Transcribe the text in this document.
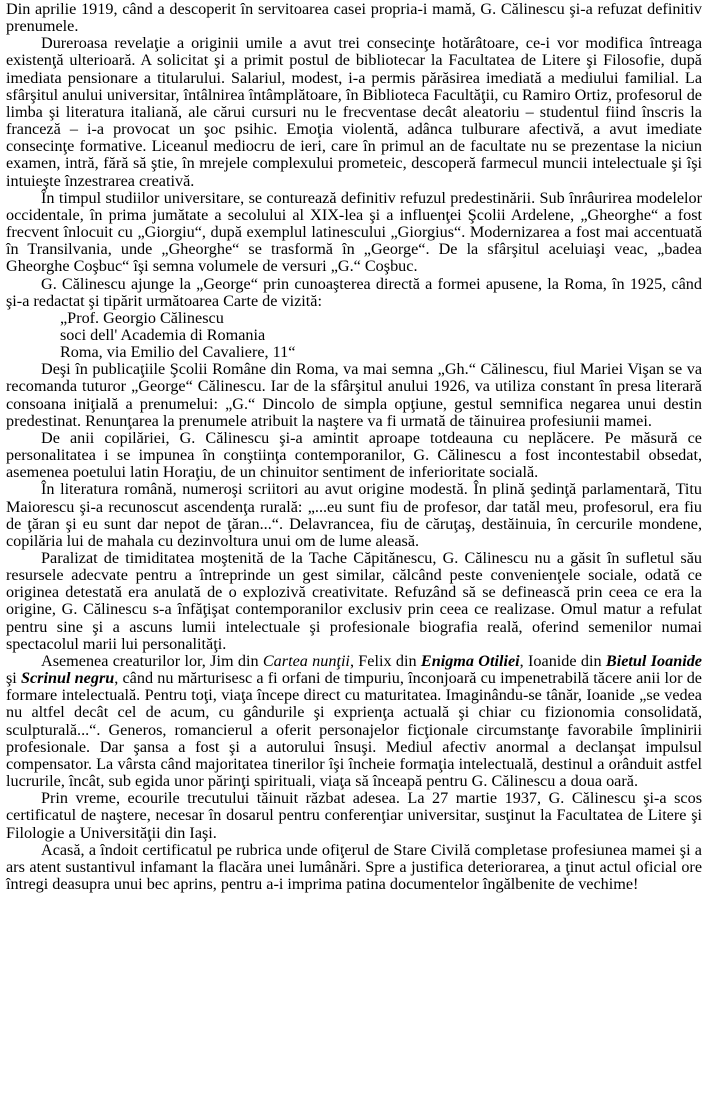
Din aprilie 1919, când a descoperit în servitoarea casei propria-i mamă, G. Călinescu şi-a refuzat definitiv prenumele.

Dureroasa revelaţie a originii umile a avut trei consecinţe hotărâtoare, ce-i vor modifica întreaga existenţă ulterioară. A solicitat şi a primit postul de bibliotecar la Facultatea de Litere şi Filosofie, după imediata pensionare a titularului. Salariul, modest, i-a permis părăsirea imediată a mediului familial. La sfârşitul anului universitar, întâlnirea întâmplătoare, în Biblioteca Facultăţii, cu Ramiro Ortiz, profesorul de limba şi literatura italiană, ale cărui cursuri nu le frecventase decât aleatoriu – studentul fiind înscris la franceză – i-a provocat un şoc psihic. Emoţia violentă, adânca tulburare afectivă, a avut imediate consecinţe formative. Liceanul mediocru de ieri, care în primul an de facultate nu se prezentase la niciun examen, intră, fără să ştie, în mrejele complexului prometeic, descoperă farmecul muncii intelectuale şi îşi intuieşte înzestrarea creativă.

În timpul studiilor universitare, se conturează definitiv refuzul predestinării. Sub înrâurirea modelelor occidentale, în prima jumătate a secolului al XIX-lea şi a influenţei Şcolii Ardelene, „Gheorghe“ a fost frecvent înlocuit cu „Giorgiu“, după exemplul latinescului „Giorgius“. Modernizarea a fost mai accentuată în Transilvania, unde „Gheorghe“ se trasformă în „George“. De la sfârşitul aceluiaşi veac, „badea Gheorghe Coşbuc“ îşi semna volumele de versuri „G.“ Coşbuc.

G. Călinescu ajunge la „George“ prin cunoaşterea directă a formei apusene, la Roma, în 1925, când şi-a redactat şi tipărit următoarea Carte de vizită:

„Prof. Georgio Călinescu
soci dell' Academia di Romania
Roma, via Emilio del Cavaliere, 11“

Deşi în publicaţiile Şcolii Române din Roma, va mai semna „Gh.“ Călinescu, fiul Mariei Vişan se va recomanda tuturor „George“ Călinescu. Iar de la sfârşitul anului 1926, va utiliza constant în presa literară consoana iniţială a prenumelui: „G.“ Dincolo de simpla opţiune, gestul semnifica negarea unui destin predestinat. Renunţarea la prenumele atribuit la naştere va fi urmată de tăinuirea profesiunii mamei.

De anii copilăriei, G. Călinescu şi-a amintit aproape totdeauna cu neplăcere. Pe măsură ce personalitatea i se impunea în conştiinţa contemporanilor, G. Călinescu a fost incontestabil obsedat, asemenea poetului latin Horaţiu, de un chinuitor sentiment de inferioritate socială.

În literatura română, numeroşi scriitori au avut origine modestă. În plină şedinţă parlamentară, Titu Maiorescu şi-a recunoscut ascendenţa rurală: „...eu sunt fiu de profesor, dar tatăl meu, profesorul, era fiu de ţăran şi eu sunt dar nepot de ţăran...“. Delavrancea, fiu de căruţaş, destăinuia, în cercurile mondene, copilăria lui de mahala cu dezinvoltura unui om de lume aleasă.

Paralizat de timiditatea moştenită de la Tache Căpitănescu, G. Călinescu nu a găsit în sufletul său resursele adecvate pentru a întreprinde un gest similar, călcând peste convenienţele sociale, odată ce originea detestată era anulată de o explozivă creativitate. Refuzând să se definească prin ceea ce era la origine, G. Călinescu s-a înfăţişat contemporanilor exclusiv prin ceea ce realizase. Omul matur a refulat pentru sine şi a ascuns lumii intelectuale şi profesionale biografia reală, oferind semenilor numai spectacolul marii lui personalităţi.

Asemenea creaturilor lor, Jim din Cartea nunţii, Felix din Enigma Otiliei, Ioanide din Bietul Ioanide şi Scrinul negru, când nu mărturisesc a fi orfani de timpuriu, înconjoară cu impenetrabilă tăcere anii lor de formare intelectuală. Pentru toţi, viaţa începe direct cu maturitatea. Imaginându-se tânăr, Ioanide „se vedea nu altfel decât cel de acum, cu gândurile şi exprienţa actuală şi chiar cu fizionomia consolidată, sculpturală...“. Generos, romancierul a oferit personajelor ficţionale circumstanţe favorabile împlinirii profesionale. Dar şansa a fost şi a autorului însuşi. Mediul afectiv anormal a declanşat impulsul compensator. La vârsta când majoritatea tinerilor îşi încheie formaţia intelectuală, destinul a orânduit astfel lucrurile, încât, sub egida unor părinţi spirituali, viaţa să înceapă pentru G. Călinescu a doua oară.

Prin vreme, ecourile trecutului tăinuit răzbat adesea. La 27 martie 1937, G. Călinescu şi-a scos certificatul de naştere, necesar în dosarul pentru conferenţiar universitar, susţinut la Facultatea de Litere şi Filologie a Universităţii din Iaşi.

Acasă, a îndoit certificatul pe rubrica unde ofiţerul de Stare Civilă completase profesiunea mamei şi a ars atent sustantivul infamant la flacăra unei lumânări. Spre a justifica deteriorarea, a ţinut actul oficial ore întregi deasupra unui bec aprins, pentru a-i imprima patina documentelor îngălbenite de vechime!
